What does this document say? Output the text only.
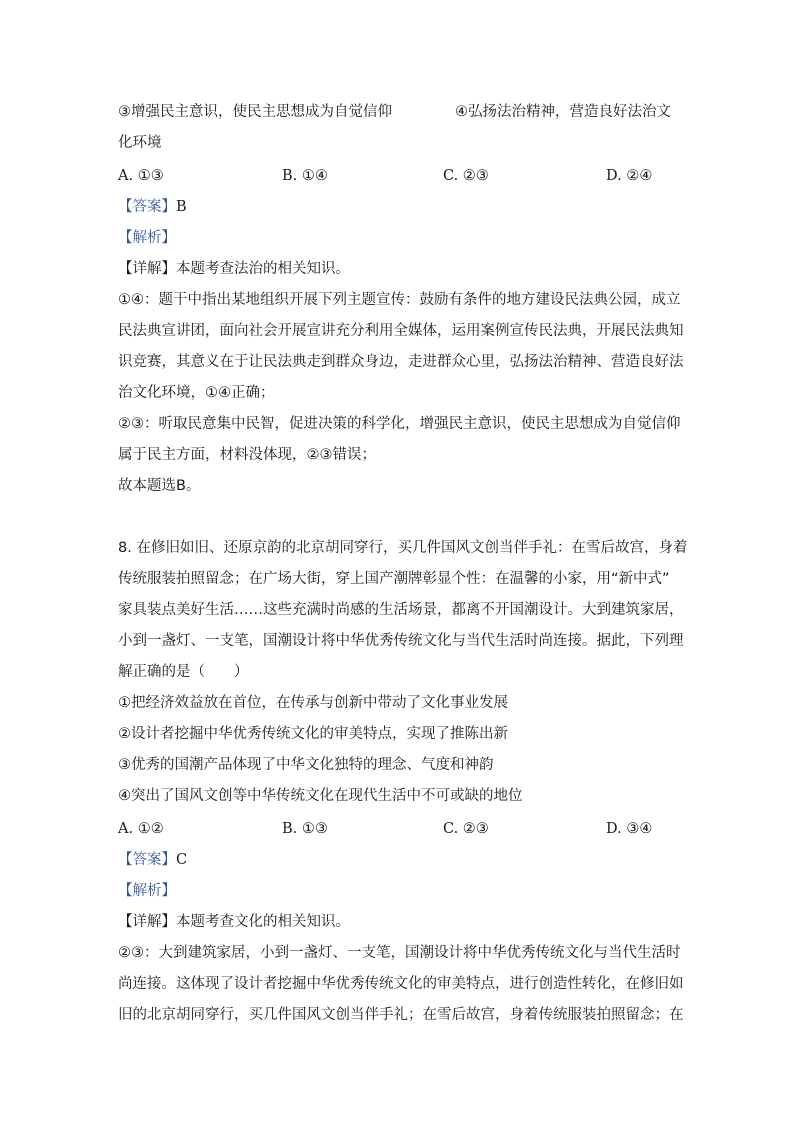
③增强民主意识，使民主思想成为自觉信仰	④弘扬法治精神，营造良好法治文
化环境
A. ①③	B. ①④	C. ②③	D. ②④
【答案】B
【解析】
【详解】本题考查法治的相关知识。
①④：题干中指出某地组织开展下列主题宣传：鼓励有条件的地方建设民法典公园，成立
民法典宣讲团，面向社会开展宣讲充分利用全媒体，运用案例宣传民法典，开展民法典知
识竞赛，其意义在于让民法典走到群众身边，走进群众心里，弘扬法治精神、营造良好法
治文化环境，①④正确；
②③：听取民意集中民智，促进决策的科学化，增强民主意识，使民主思想成为自觉信仰
属于民主方面，材料没体现，②③错误；
故本题选B。
8. 在修旧如旧、还原京韵的北京胡同穿行，买几件国风文创当伴手礼：在雪后故宫，身着
传统服装拍照留念；在广场大街，穿上国产潮牌彰显个性：在温馨的小家，用“新中式”
家具装点美好生活……这些充满时尚感的生活场景，都离不开国潮设计。大到建筑家居，
小到一盏灯、一支笔，国潮设计将中华优秀传统文化与当代生活时尚连接。据此，下列理
解正确的是（　　）
①把经济效益放在首位，在传承与创新中带动了文化事业发展
②设计者挖掘中华优秀传统文化的审美特点，实现了推陈出新
③优秀的国潮产品体现了中华文化独特的理念、气度和神韵
④突出了国风文创等中华传统文化在现代生活中不可或缺的地位
A. ①②	B. ①③	C. ②③	D. ③④
【答案】C
【解析】
【详解】本题考查文化的相关知识。
②③：大到建筑家居，小到一盏灯、一支笔，国潮设计将中华优秀传统文化与当代生活时
尚连接。这体现了设计者挖掘中华优秀传统文化的审美特点，进行创造性转化，在修旧如
旧的北京胡同穿行，买几件国风文创当伴手礼；在雪后故宫，身着传统服装拍照留念；在
